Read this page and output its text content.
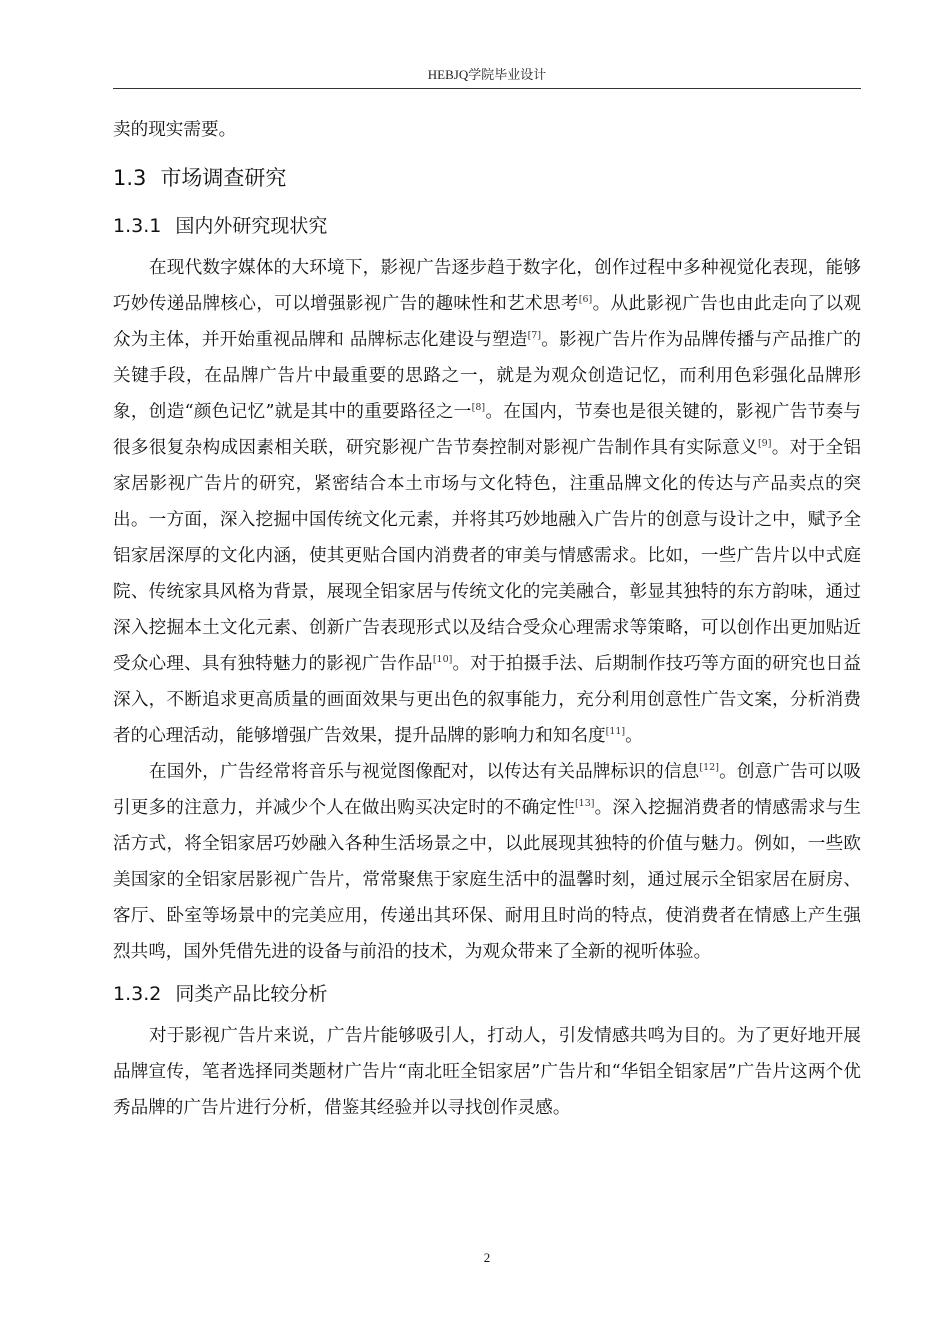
HEBJQ学院毕业设计

卖的现实需要。

1.3 市场调查研究
1.3.1 国内外研究现状究

在现代数字媒体的大环境下，影视广告逐步趋于数字化，创作过程中多种视觉化表现，能够巧妙传递品牌核心，可以增强影视广告的趣味性和艺术思考[6]。从此影视广告也由此走向了以观众为主体，并开始重视品牌和 品牌标志化建设与塑造[7]。影视广告片作为品牌传播与产品推广的关键手段，在品牌广告片中最重要的思路之一，就是为观众创造记忆，而利用色彩强化品牌形象，创造“颜色记忆”就是其中的重要路径之一[8]。在国内，节奏也是很关键的，影视广告节奏与很多很复杂构成因素相关联，研究影视广告节奏控制对影视广告制作具有实际意义[9]。对于全铝家居影视广告片的研究，紧密结合本土市场与文化特色，注重品牌文化的传达与产品卖点的突出。一方面，深入挖掘中国传统文化元素，并将其巧妙地融入广告片的创意与设计之中，赋予全铝家居深厚的文化内涵，使其更贴合国内消费者的审美与情感需求。比如，一些广告片以中式庭院、传统家具风格为背景，展现全铝家居与传统文化的完美融合，彰显其独特的东方韵味，通过深入挖掘本土文化元素、创新广告表现形式以及结合受众心理需求等策略，可以创作出更加贴近受众心理、具有独特魅力的影视广告作品[10]。对于拍摄手法、后期制作技巧等方面的研究也日益深入，不断追求更高质量的画面效果与更出色的叙事能力，充分利用创意性广告文案，分析消费者的心理活动，能够增强广告效果，提升品牌的影响力和知名度[11]。

在国外，广告经常将音乐与视觉图像配对，以传达有关品牌标识的信息[12]。创意广告可以吸引更多的注意力，并减少个人在做出购买决定时的不确定性[13]。深入挖掘消费者的情感需求与生活方式，将全铝家居巧妙融入各种生活场景之中，以此展现其独特的价值与魅力。例如，一些欧美国家的全铝家居影视广告片，常常聚焦于家庭生活中的温馨时刻，通过展示全铝家居在厨房、客厅、卧室等场景中的完美应用，传递出其环保、耐用且时尚的特点，使消费者在情感上产生强烈共鸣，国外凭借先进的设备与前沿的技术，为观众带来了全新的视听体验。

1.3.2 同类产品比较分析

对于影视广告片来说，广告片能够吸引人，打动人，引发情感共鸣为目的。为了更好地开展品牌宣传，笔者选择同类题材广告片“南北旺全铝家居”广告片和“华铝全铝家居”广告片这两个优秀品牌的广告片进行分析，借鉴其经验并以寻找创作灵感。

2
